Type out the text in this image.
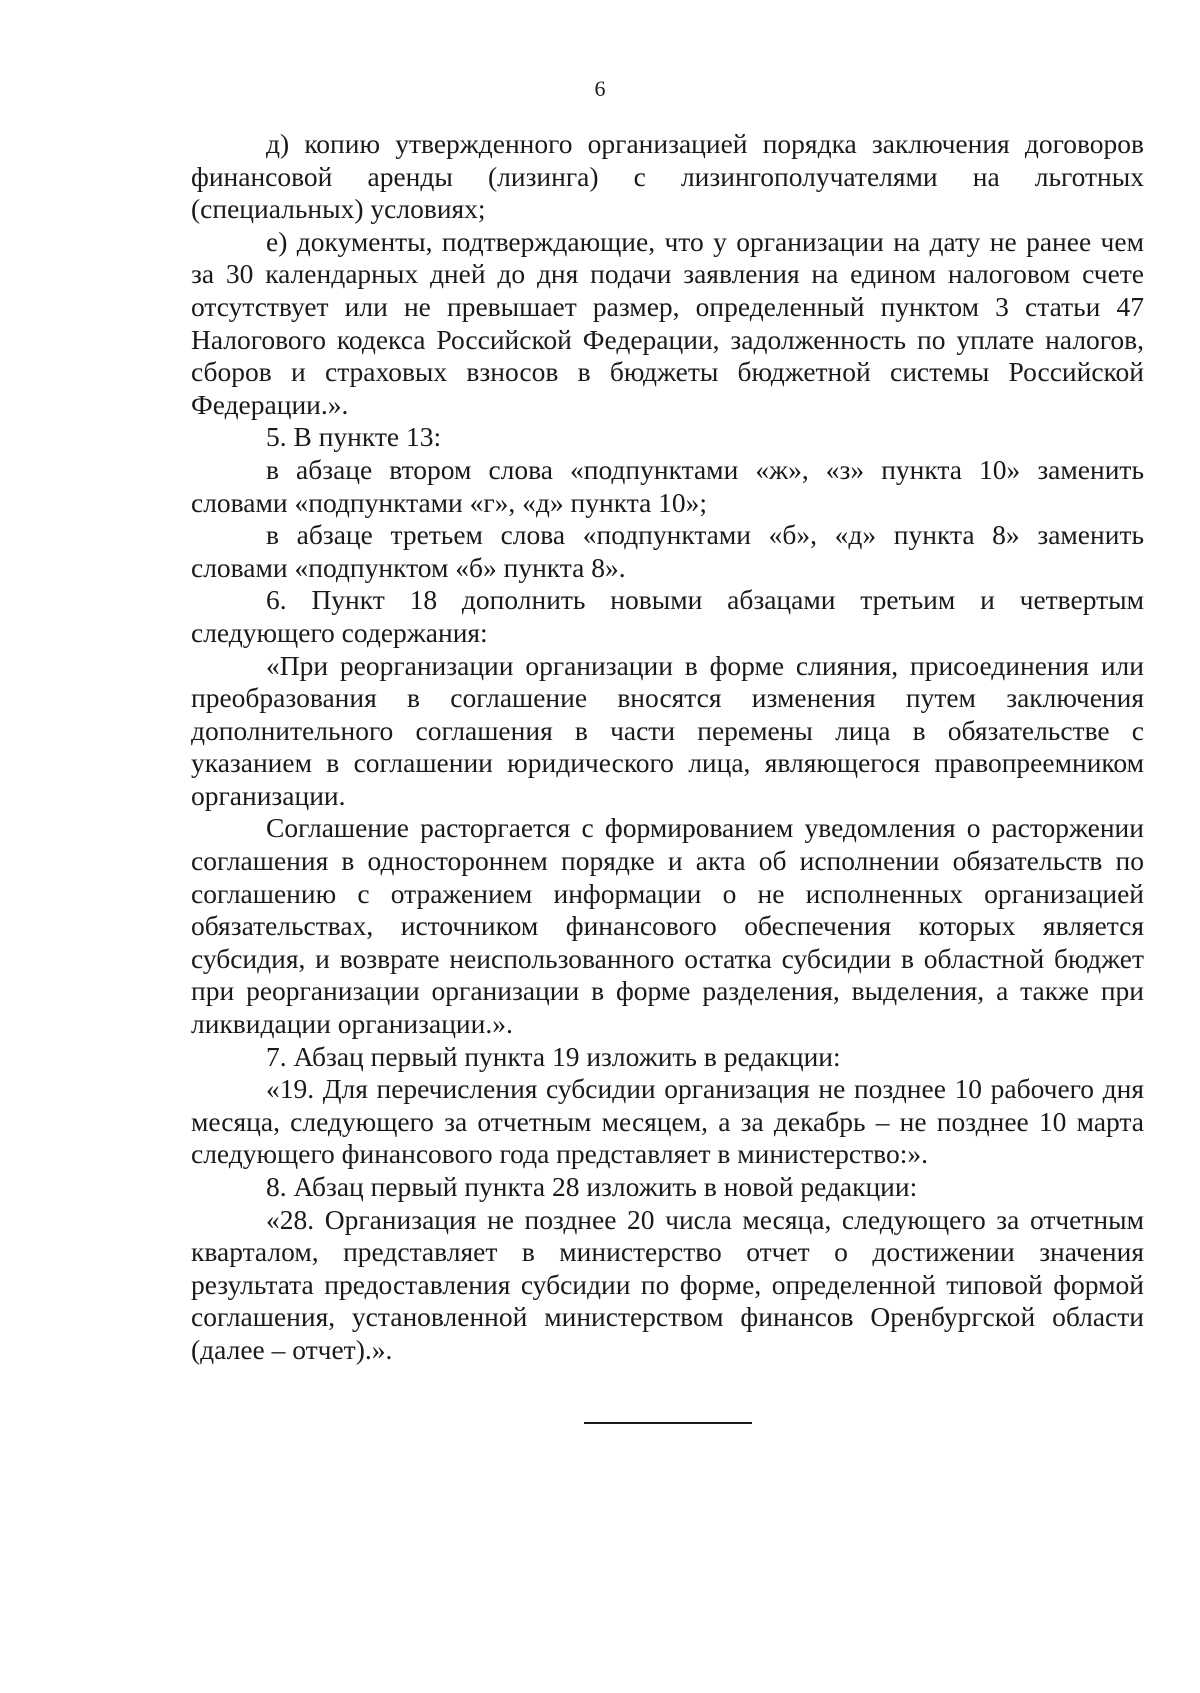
6

д) копию утвержденного организацией порядка заключения договоров финансовой аренды (лизинга) с лизингополучателями на льготных (специальных) условиях;

е) документы, подтверждающие, что у организации на дату не ранее чем за 30 календарных дней до дня подачи заявления на едином налоговом счете отсутствует или не превышает размер, определенный пунктом 3 статьи 47 Налогового кодекса Российской Федерации, задолженность по уплате налогов, сборов и страховых взносов в бюджеты бюджетной системы Российской Федерации.».

5. В пункте 13:

в абзаце втором слова «подпунктами «ж», «з» пункта 10» заменить словами «подпунктами «г», «д» пункта 10»;

в абзаце третьем слова «подпунктами «б», «д» пункта 8» заменить словами «подпунктом «б» пункта 8».

6. Пункт 18 дополнить новыми абзацами третьим и четвертым следующего содержания:

«При реорганизации организации в форме слияния, присоединения или преобразования в соглашение вносятся изменения путем заключения дополнительного соглашения в части перемены лица в обязательстве с указанием в соглашении юридического лица, являющегося правопреемником организации.

Соглашение расторгается с формированием уведомления о расторжении соглашения в одностороннем порядке и акта об исполнении обязательств по соглашению с отражением информации о не исполненных организацией обязательствах, источником финансового обеспечения которых является субсидия, и возврате неиспользованного остатка субсидии в областной бюджет при реорганизации организации в форме разделения, выделения, а также при ликвидации организации.».

7. Абзац первый пункта 19 изложить в редакции:

«19. Для перечисления субсидии организация не позднее 10 рабочего дня месяца, следующего за отчетным месяцем, а за декабрь – не позднее 10 марта следующего финансового года представляет в министерство:».

8. Абзац первый пункта 28 изложить в новой редакции:

«28. Организация не позднее 20 числа месяца, следующего за отчетным кварталом, представляет в министерство отчет о достижении значения результата предоставления субсидии по форме, определенной типовой формой соглашения, установленной министерством финансов Оренбургской области (далее – отчет).».
